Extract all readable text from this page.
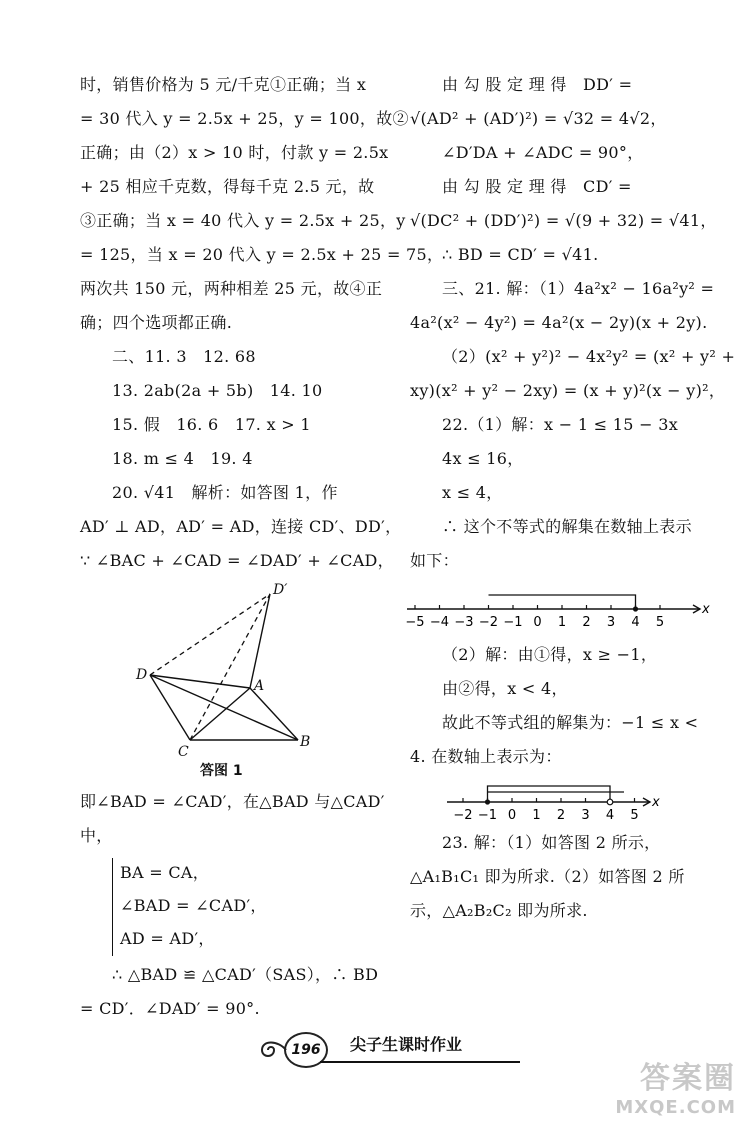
时，销售价格为 5 元/千克①正确；当 x
= 30 代入 y = 2.5x + 25，y = 100，故②
正确；由（2）x > 10 时，付款 y = 2.5x
+ 25 相应千克数，得每千克 2.5 元，故
③正确；当 x = 40 代入 y = 2.5x + 25，y
= 125，当 x = 20 代入 y = 2.5x + 25 = 75，
两次共 150 元，两种相差 25 元，故④正
确；四个选项都正确.
二、11. 3　12. 68
13. 2ab(2a + 5b)　14. 10
15. 假　16. 6　17. x > 1
18. m ≤ 4　19. 4
20. √41　解析：如答图 1，作
AD′ ⊥ AD，AD′ = AD，连接 CD′、DD′，
∵ ∠BAC + ∠CAD = ∠DAD′ + ∠CAD，
D′
D
A
C
B
答图 1
即∠BAD = ∠CAD′，在△BAD 与△CAD′
中，
BA = CA，
∠BAD = ∠CAD′，
AD = AD′，
∴ △BAD ≌ △CAD′（SAS），∴ BD
= CD′．∠DAD′ = 90°.
由 勾 股 定 理 得　DD′ =
√(AD² + (AD′)²) = √32 = 4√2，
∠D′DA + ∠ADC = 90°，
由 勾 股 定 理 得　CD′ =
√(DC² + (DD′)²) = √(9 + 32) = √41，
∴ BD = CD′ = √41.
三、21. 解：（1）4a²x² − 16a²y² =
4a²(x² − 4y²) = 4a²(x − 2y)(x + 2y).
（2）(x² + y²)² − 4x²y² = (x² + y² +
xy)(x² + y² − 2xy) = (x + y)²(x − y)²，
22.（1）解：x − 1 ≤ 15 − 3x
4x ≤ 16，
x ≤ 4，
∴ 这个不等式的解集在数轴上表示
如下：
x
−5 −4 −3 −2 −1 0 1 2 3 4 5
（2）解：由①得，x ≥ −1，
由②得，x < 4，
故此不等式组的解集为：−1 ≤ x <
4. 在数轴上表示为：
x
−2 −1 0 1 2 3 4 5
23. 解：（1）如答图 2 所示，
△A₁B₁C₁ 即为所求.（2）如答图 2 所
示，△A₂B₂C₂ 即为所求.
196	尖子生课时作业
答案圈
MXQE.COM
